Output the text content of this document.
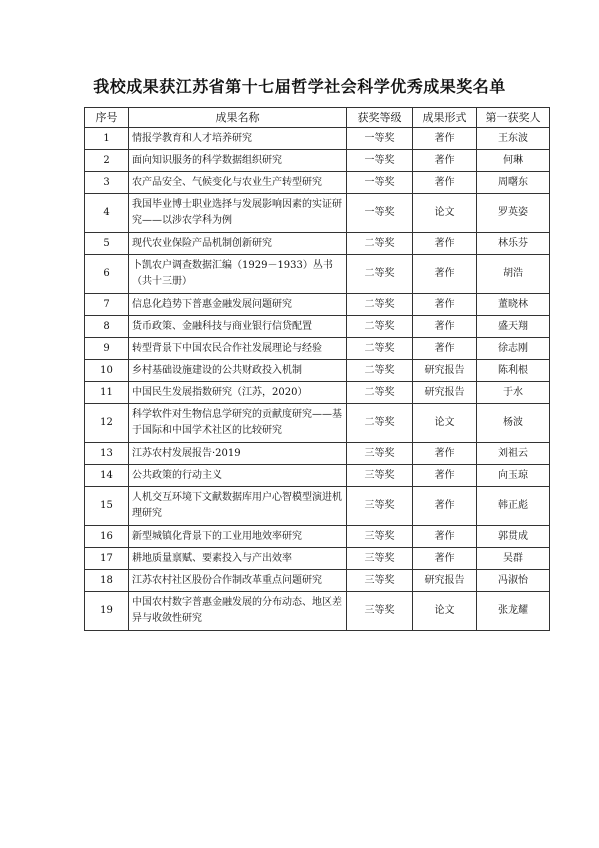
我校成果获江苏省第十七届哲学社会科学优秀成果奖名单
序号	成果名称	获奖等级	成果形式	第一获奖人
1	情报学教育和人才培养研究	一等奖	著作	王东波
2	面向知识服务的科学数据组织研究	一等奖	著作	何琳
3	农产品安全、气候变化与农业生产转型研究	一等奖	著作	周曙东
4	我国毕业博士职业选择与发展影响因素的实证研究——以涉农学科为例	一等奖	论文	罗英姿
5	现代农业保险产品机制创新研究	二等奖	著作	林乐芬
6	卜凯农户调查数据汇编（1929－1933）丛书（共十三册）	二等奖	著作	胡浩
7	信息化趋势下普惠金融发展问题研究	二等奖	著作	董晓林
8	货币政策、金融科技与商业银行信贷配置	二等奖	著作	盛天翔
9	转型背景下中国农民合作社发展理论与经验	二等奖	著作	徐志刚
10	乡村基础设施建设的公共财政投入机制	二等奖	研究报告	陈利根
11	中国民生发展指数研究（江苏，2020）	二等奖	研究报告	于水
12	科学软件对生物信息学研究的贡献度研究——基于国际和中国学术社区的比较研究	二等奖	论文	杨波
13	江苏农村发展报告·2019	三等奖	著作	刘祖云
14	公共政策的行动主义	三等奖	著作	向玉琼
15	人机交互环境下文献数据库用户心智模型演进机理研究	三等奖	著作	韩正彪
16	新型城镇化背景下的工业用地效率研究	三等奖	著作	郭贯成
17	耕地质量禀赋、要素投入与产出效率	三等奖	著作	吴群
18	江苏农村社区股份合作制改革重点问题研究	三等奖	研究报告	冯淑怡
19	中国农村数字普惠金融发展的分布动态、地区差异与收敛性研究	三等奖	论文	张龙耀
